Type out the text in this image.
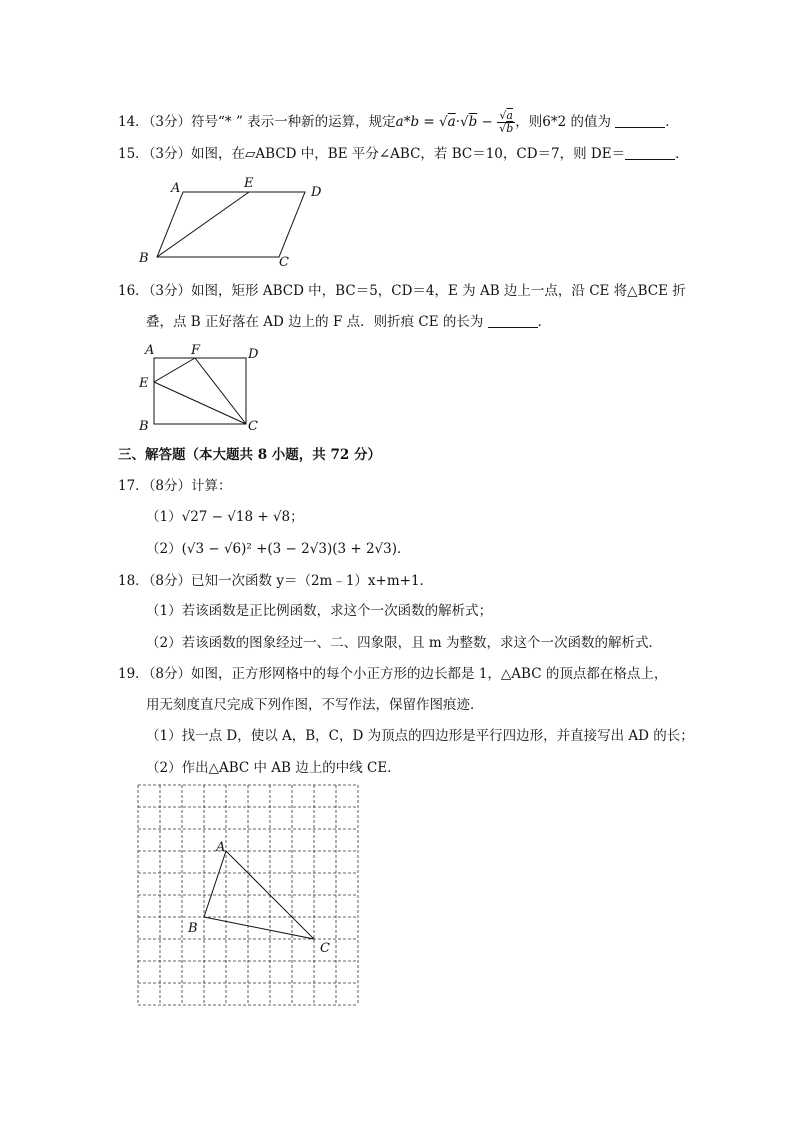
14．（3分）符号“* ” 表示一种新的运算，规定$a*b = √a\cdot√b - \frac{√a}{√b}$ ，则6*2 的值为	．
15．（3分）如图，在▱ABCD 中，BE 平分∠ABC，若 BC＝10，CD＝7，则 DE＝	．
A	E
D
B	C
16．（3分）如图，矩形 ABCD 中，BC＝5，CD＝4，E 为 AB 边上一点，沿 CE 将△BCE 折
叠，点 B 正好落在 AD 边上的 F 点．则折痕 CE 的长为	．
A	F	D
E
B	C
三、解答题（本大题共 8 小题，共 72 分）
17．（8分）计算：
（1）√27 − √18 + √8；
（2）(√3 − √6)² +(3 − 2√3)(3 + 2√3)．
18．（8分）已知一次函数 y＝（2m﹣1）x+m+1．
（1）若该函数是正比例函数，求这个一次函数的解析式；
（2）若该函数的图象经过一、二、四象限，且 m 为整数，求这个一次函数的解析式．
19．（8分）如图，正方形网格中的每个小正方形的边长都是 1，△ABC 的顶点都在格点上，
用无刻度直尺完成下列作图，不写作法，保留作图痕迹．
（1）找一点 D，使以 A，B，C，D 为顶点的四边形是平行四边形，并直接写出 AD 的长；
（2）作出△ABC 中 AB 边上的中线 CE．
A
B
C
